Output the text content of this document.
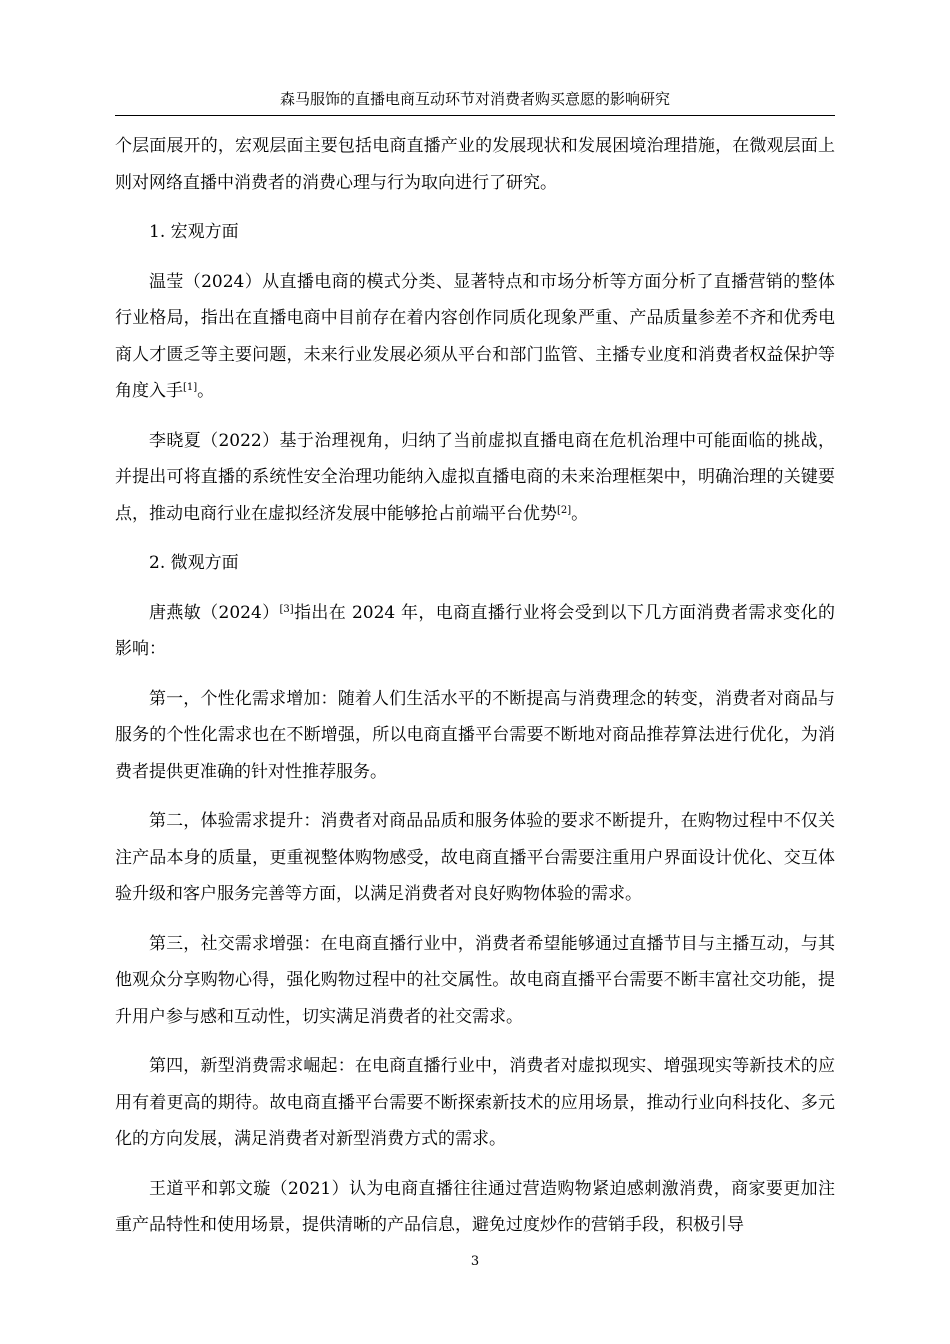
森马服饰的直播电商互动环节对消费者购买意愿的影响研究

个层面展开的，宏观层面主要包括电商直播产业的发展现状和发展困境治理措施，在微观层面上则对网络直播中消费者的消费心理与行为取向进行了研究。

1. 宏观方面

温莹（2024）从直播电商的模式分类、显著特点和市场分析等方面分析了直播营销的整体行业格局，指出在直播电商中目前存在着内容创作同质化现象严重、产品质量参差不齐和优秀电商人才匮乏等主要问题，未来行业发展必须从平台和部门监管、主播专业度和消费者权益保护等角度入手[1]。

李晓夏（2022）基于治理视角，归纳了当前虚拟直播电商在危机治理中可能面临的挑战，并提出可将直播的系统性安全治理功能纳入虚拟直播电商的未来治理框架中，明确治理的关键要点，推动电商行业在虚拟经济发展中能够抢占前端平台优势[2]。

2. 微观方面

唐燕敏（2024）[3]指出在 2024 年，电商直播行业将会受到以下几方面消费者需求变化的影响：

第一，个性化需求增加：随着人们生活水平的不断提高与消费理念的转变，消费者对商品与服务的个性化需求也在不断增强，所以电商直播平台需要不断地对商品推荐算法进行优化，为消费者提供更准确的针对性推荐服务。

第二，体验需求提升：消费者对商品品质和服务体验的要求不断提升，在购物过程中不仅关注产品本身的质量，更重视整体购物感受，故电商直播平台需要注重用户界面设计优化、交互体验升级和客户服务完善等方面，以满足消费者对良好购物体验的需求。

第三，社交需求增强：在电商直播行业中，消费者希望能够通过直播节目与主播互动，与其他观众分享购物心得，强化购物过程中的社交属性。故电商直播平台需要不断丰富社交功能，提升用户参与感和互动性，切实满足消费者的社交需求。

第四，新型消费需求崛起：在电商直播行业中，消费者对虚拟现实、增强现实等新技术的应用有着更高的期待。故电商直播平台需要不断探索新技术的应用场景，推动行业向科技化、多元化的方向发展，满足消费者对新型消费方式的需求。

王道平和郭文璇（2021）认为电商直播往往通过营造购物紧迫感刺激消费，商家要更加注重产品特性和使用场景，提供清晰的产品信息，避免过度炒作的营销手段，积极引导

3
